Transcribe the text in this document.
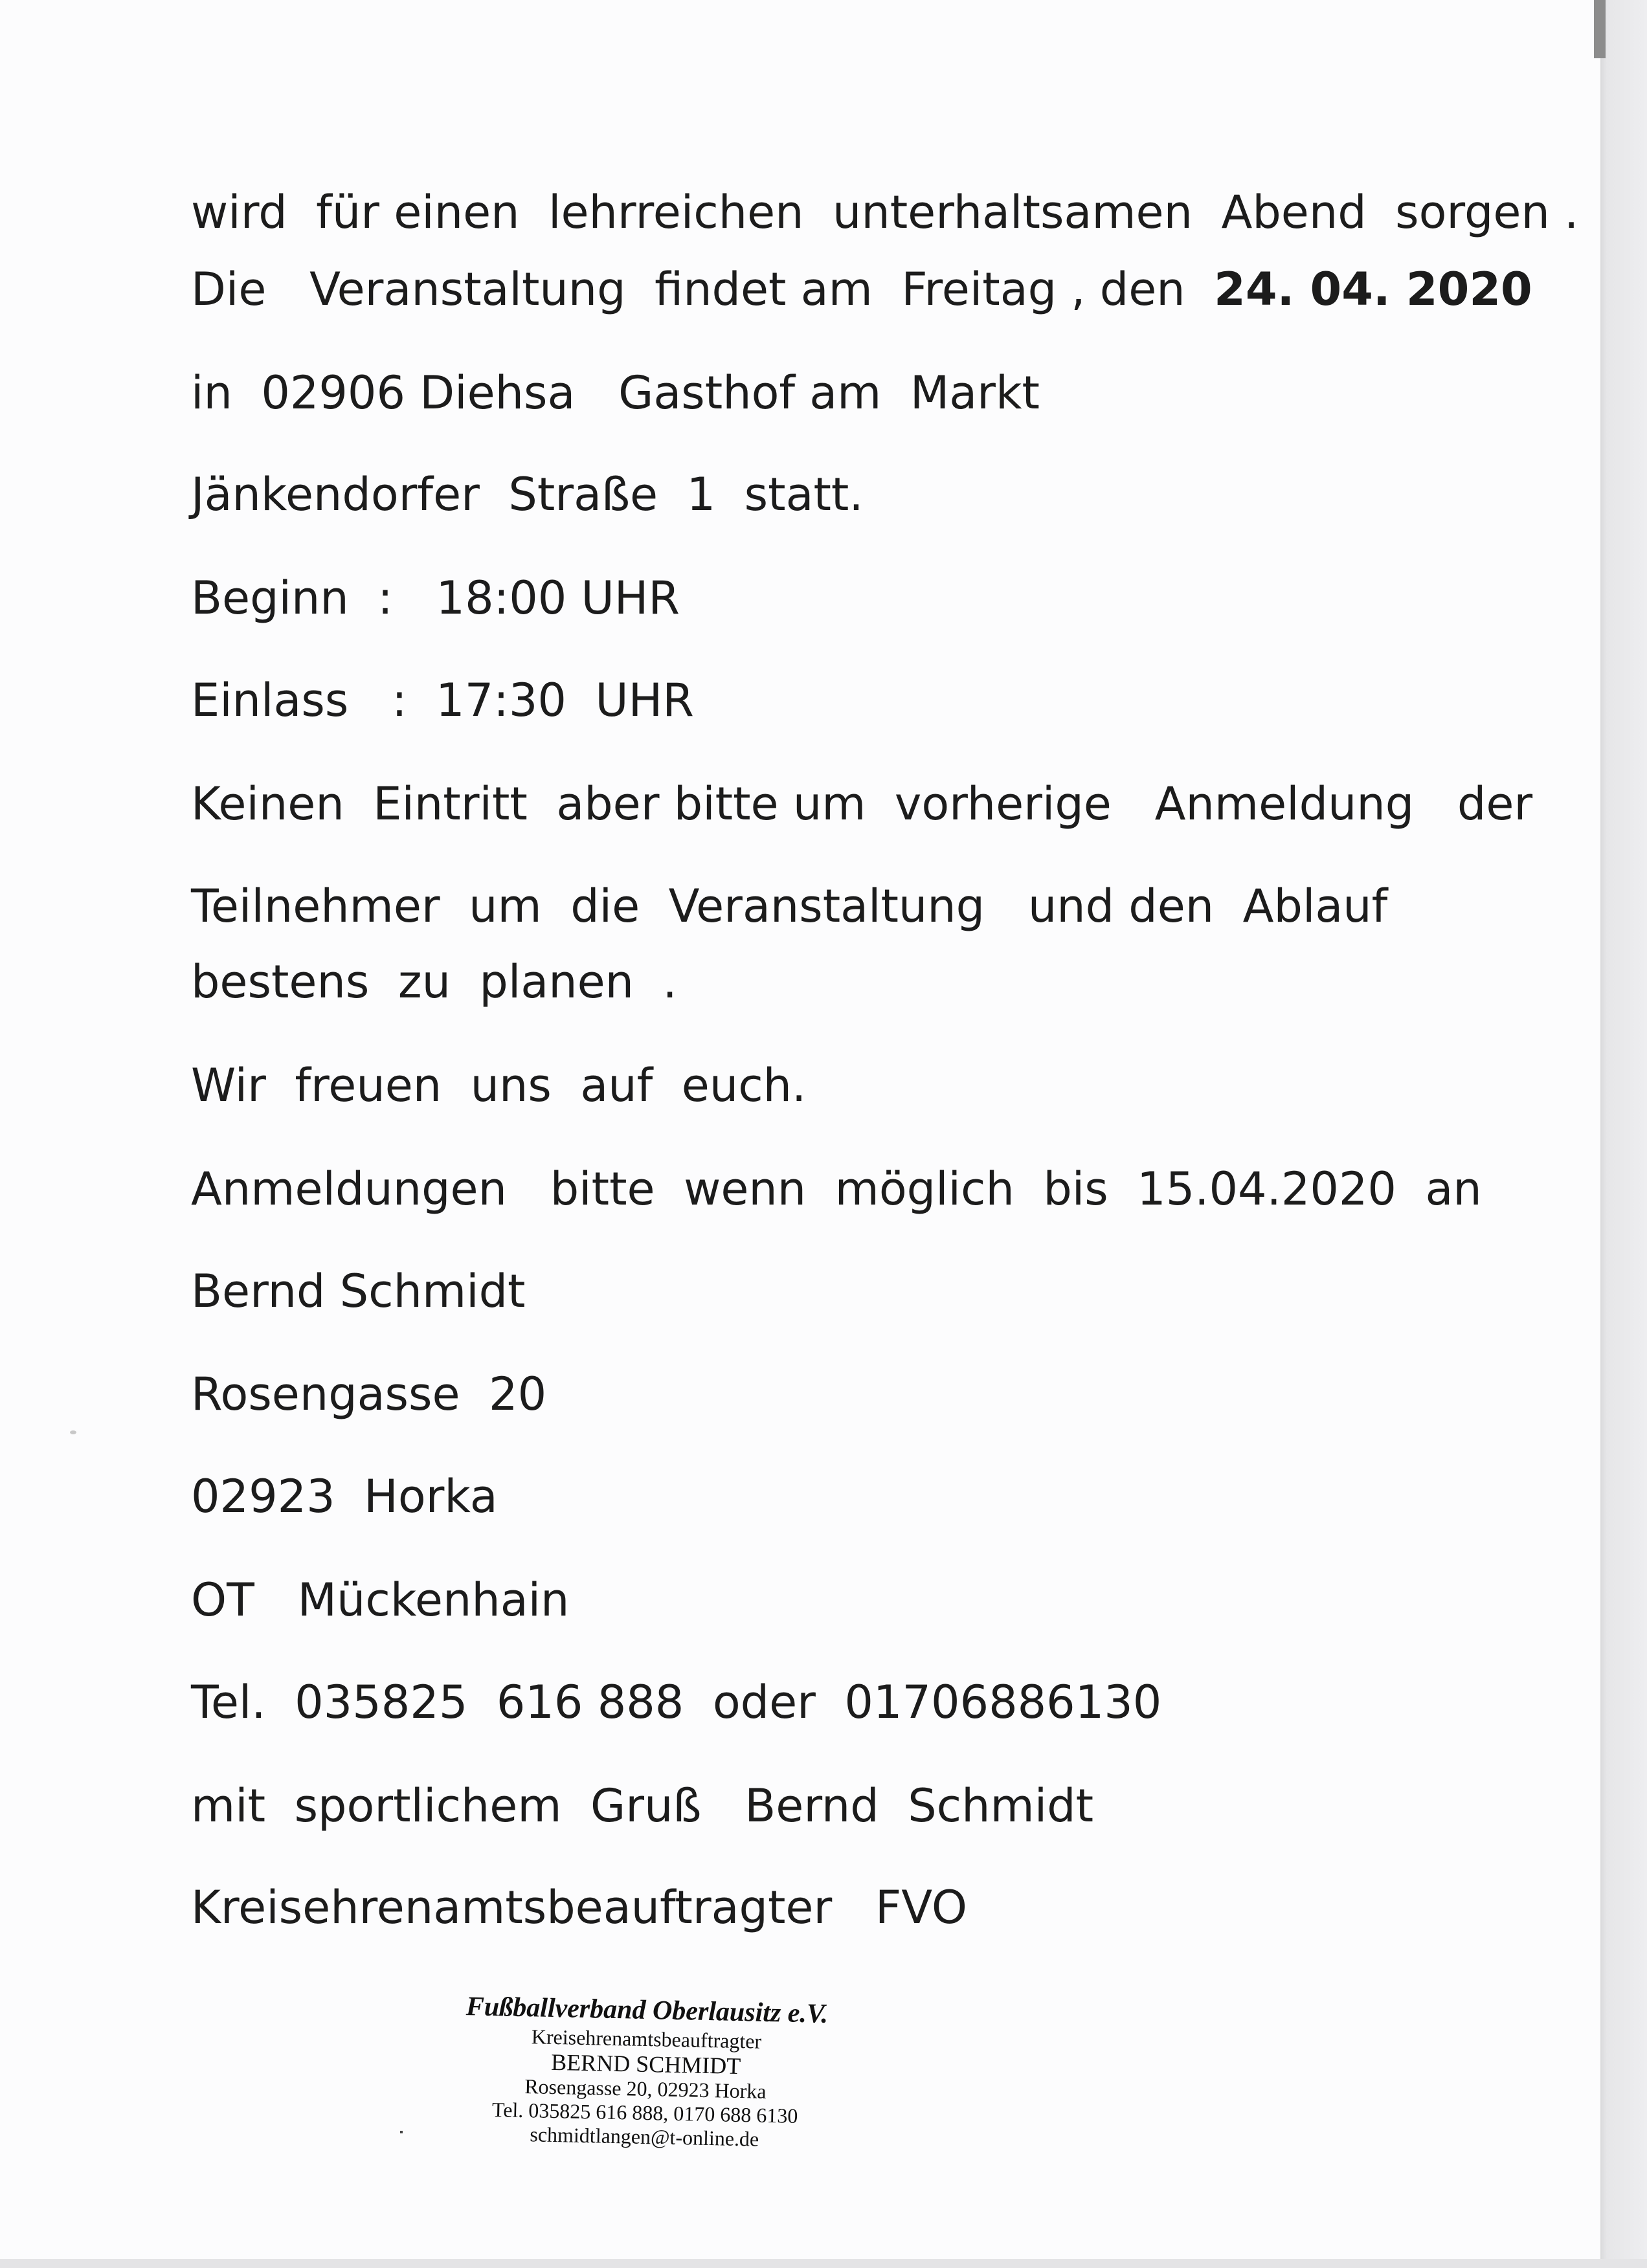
wird  für einen  lehrreichen  unterhaltsamen  Abend  sorgen .

Die   Veranstaltung  findet am  Freitag , den  24. 04. 2020

in  02906 Diehsa   Gasthof am  Markt

Jänkendorfer  Straße  1  statt.

Beginn  :   18:00 UHR

Einlass   :  17:30  UHR

Keinen  Eintritt  aber bitte um  vorherige   Anmeldung   der

Teilnehmer  um  die  Veranstaltung   und den  Ablauf

bestens  zu  planen  .

Wir  freuen  uns  auf  euch.

Anmeldungen   bitte  wenn  möglich  bis  15.04.2020  an

Bernd Schmidt

Rosengasse  20

02923  Horka

OT   Mückenhain

Tel.  035825  616 888  oder  01706886130

mit  sportlichem  Gruß   Bernd  Schmidt

Kreisehrenamtsbeauftragter   FVO

Fußballverband Oberlausitz e.V.
Kreisehrenamtsbeauftragter
BERND SCHMIDT
Rosengasse 20, 02923 Horka
Tel. 035825 616 888, 0170 688 6130
schmidtlangen@t-online.de
